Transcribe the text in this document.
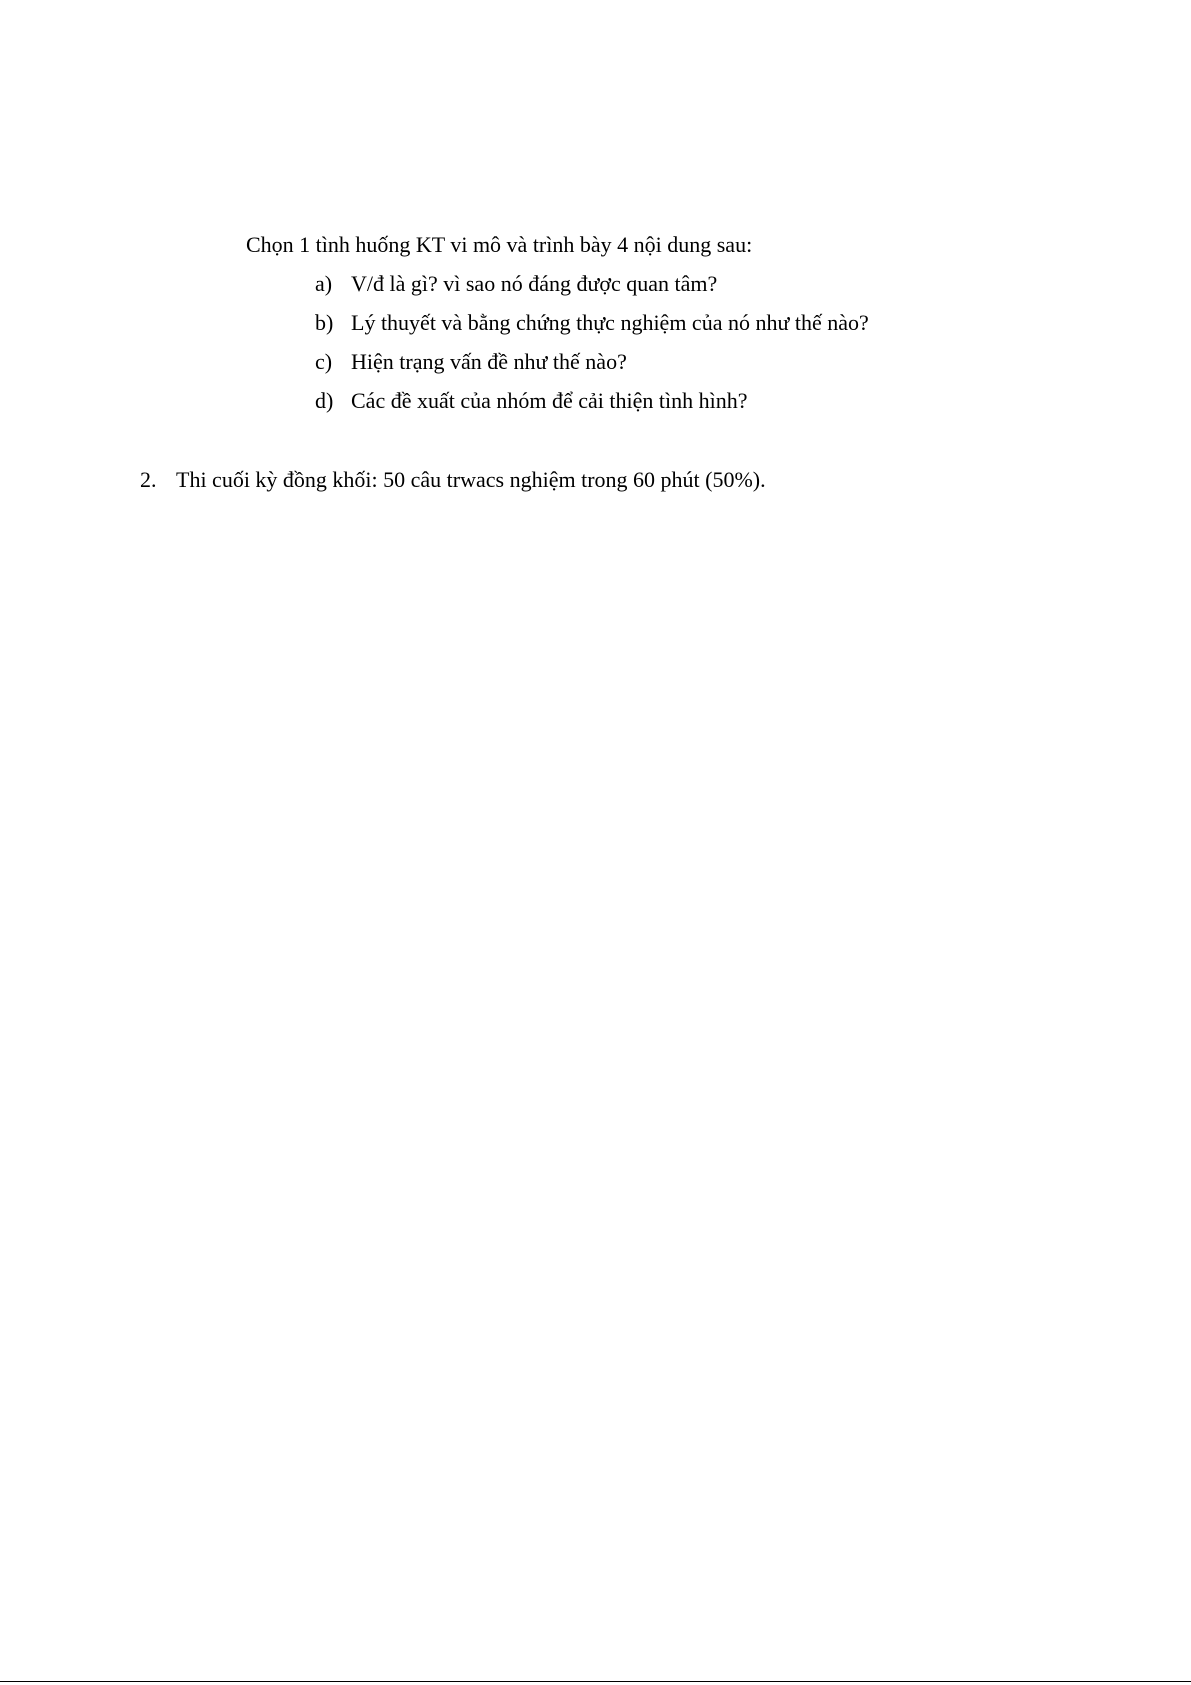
Chọn 1 tình huống KT vi mô và trình bày 4 nội dung sau:
a) V/đ là gì? vì sao nó đáng được quan tâm?
b) Lý thuyết và bằng chứng thực nghiệm của nó như thế nào?
c) Hiện trạng vấn đề như thế nào?
d) Các đề xuất của nhóm để cải thiện tình hình?
2. Thi cuối kỳ đồng khối: 50 câu trwacs nghiệm trong 60 phút (50%).
